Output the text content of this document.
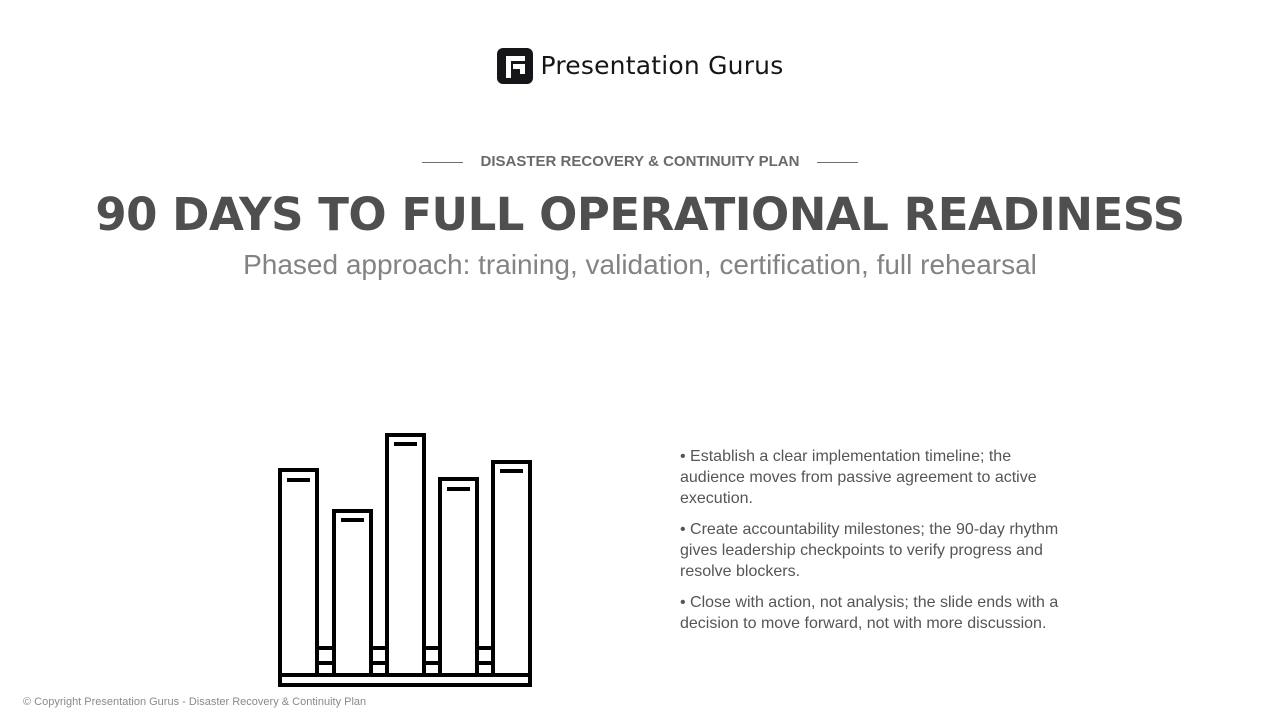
Presentation Gurus
DISASTER RECOVERY & CONTINUITY PLAN
90 DAYS TO FULL OPERATIONAL READINESS
Phased approach: training, validation, certification, full rehearsal

• Establish a clear implementation timeline; the audience moves from passive agreement to active execution.

• Create accountability milestones; the 90-day rhythm gives leadership checkpoints to verify progress and resolve blockers.

• Close with action, not analysis; the slide ends with a decision to move forward, not with more discussion.

© Copyright Presentation Gurus - Disaster Recovery & Continuity Plan
